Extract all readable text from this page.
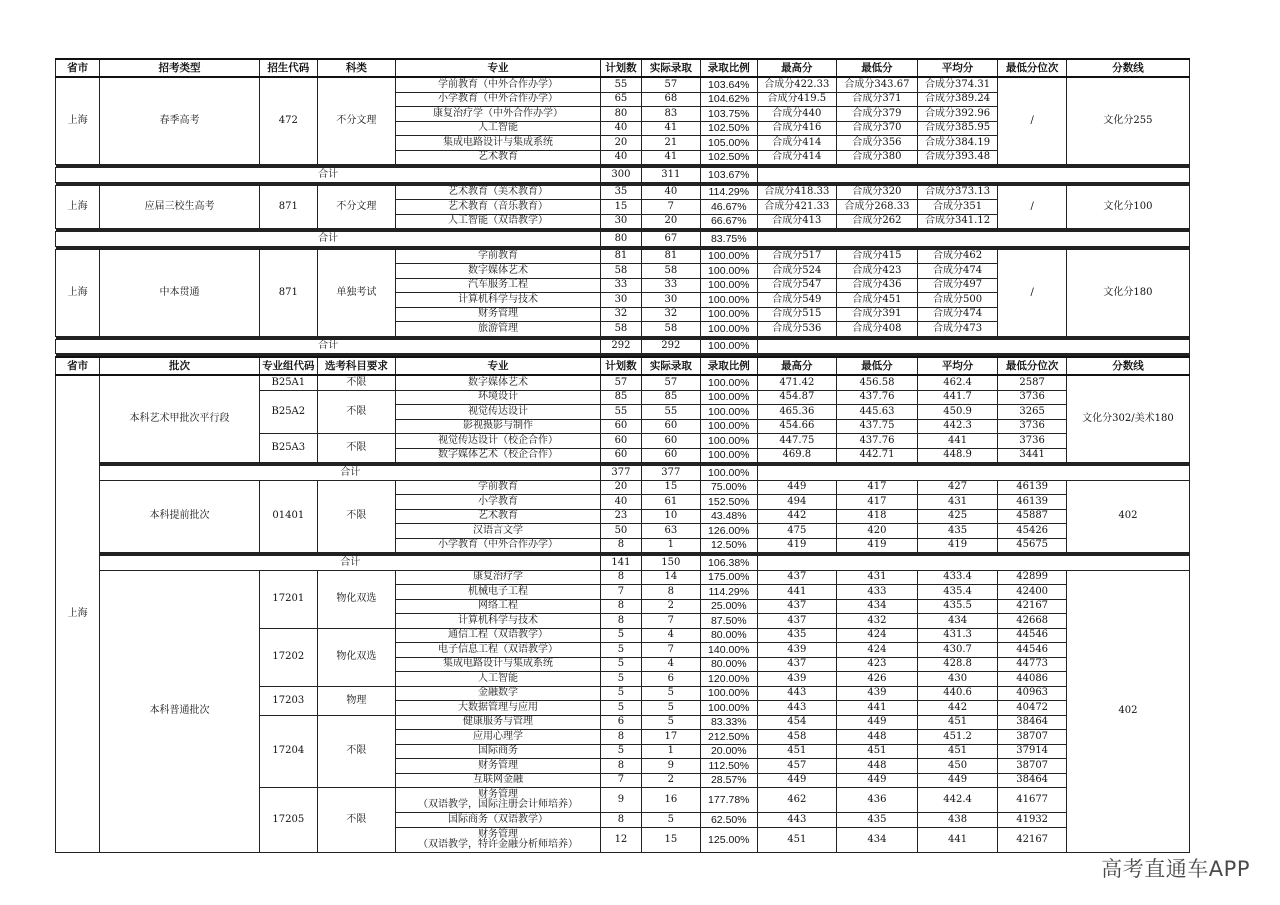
省市	招考类型	招生代码	科类	专业	计划数	实际录取	录取比例	最高分	最低分	平均分	最低分位次	分数线
上海	春季高考	472	不分文理	学前教育（中外合作办学）	55	57	103.64%	合成分422.33	合成分343.67	合成分374.31	/	文化分255
				小学教育（中外合作办学）	65	68	104.62%	合成分419.5	合成分371	合成分389.24		
				康复治疗学（中外合作办学）	80	83	103.75%	合成分440	合成分379	合成分392.96		
				人工智能	40	41	102.50%	合成分416	合成分370	合成分385.95		
				集成电路设计与集成系统	20	21	105.00%	合成分414	合成分356	合成分384.19		
				艺术教育	40	41	102.50%	合成分414	合成分380	合成分393.48		

合计					300	311	103.67%					

上海	应届三校生高考	871	不分文理	艺术教育（美术教育）	35	40	114.29%	合成分418.33	合成分320	合成分373.13	/	文化分100
				艺术教育（音乐教育）	15	7	46.67%	合成分421.33	合成分268.33	合成分351		
				人工智能（双语教学）	30	20	66.67%	合成分413	合成分262	合成分341.12		

合计					80	67	83.75%					

上海	中本贯通	871	单独考试	学前教育	81	81	100.00%	合成分517	合成分415	合成分462	/	文化分180
				数字媒体艺术	58	58	100.00%	合成分524	合成分423	合成分474		
				汽车服务工程	33	33	100.00%	合成分547	合成分436	合成分497		
				计算机科学与技术	30	30	100.00%	合成分549	合成分451	合成分500		
				财务管理	32	32	100.00%	合成分515	合成分391	合成分474		
				旅游管理	58	58	100.00%	合成分536	合成分408	合成分473		

合计					292	292	100.00%					

省市	批次	专业组代码	选考科目要求	专业	计划数	实际录取	录取比例	最高分	最低分	平均分	最低分位次	分数线
上海	本科艺术甲批次平行段	B25A1	不限	数字媒体艺术	57	57	100.00%	471.42	456.58	462.4	2587	文化分302/美术180
		B25A2	不限	环境设计	85	85	100.00%	454.87	437.76	441.7	3736	
				视觉传达设计	55	55	100.00%	465.36	445.63	450.9	3265	
				影视摄影与制作	60	60	100.00%	454.66	437.75	442.3	3736	
		B25A3	不限	视觉传达设计（校企合作）	60	60	100.00%	447.75	437.76	441	3736	
				数字媒体艺术（校企合作）	60	60	100.00%	469.8	442.71	448.9	3441	

	合计				377	377	100.00%					
	本科提前批次	01401	不限	学前教育	20	15	75.00%	449	417	427	46139	402
				小学教育	40	61	152.50%	494	417	431	46139	
				艺术教育	23	10	43.48%	442	418	425	45887	
				汉语言文学	50	63	126.00%	475	420	435	45426	
				小学教育（中外合作办学）	8	1	12.50%	419	419	419	45675	

	合计				141	150	106.38%					
	本科普通批次	17201	物化双选	康复治疗学	8	14	175.00%	437	431	433.4	42899	402
				机械电子工程	7	8	114.29%	441	433	435.4	42400	
				网络工程	8	2	25.00%	437	434	435.5	42167	
				计算机科学与技术	8	7	87.50%	437	432	434	42668	
		17202	物化双选	通信工程（双语教学）	5	4	80.00%	435	424	431.3	44546	
				电子信息工程（双语教学）	5	7	140.00%	439	424	430.7	44546	
				集成电路设计与集成系统	5	4	80.00%	437	423	428.8	44773	
				人工智能	5	6	120.00%	439	426	430	44086	
		17203	物理	金融数学	5	5	100.00%	443	439	440.6	40963	
				大数据管理与应用	5	5	100.00%	443	441	442	40472	
		17204	不限	健康服务与管理	6	5	83.33%	454	449	451	38464	
				应用心理学	8	17	212.50%	458	448	451.2	38707	
				国际商务	5	1	20.00%	451	451	451	37914	
				财务管理	8	9	112.50%	457	448	450	38707	
				互联网金融	7	2	28.57%	449	449	449	38464	
		17205	不限	财务管理
（双语教学，国际注册会计师培养）	9	16	177.78%	462	436	442.4	41677	
				国际商务（双语教学）	8	5	62.50%	443	435	438	41932	

				财务管理
（双语教学，特许金融分析师培养）	12	15	125.00%	451	434	441	42167	
高考直通车APP
